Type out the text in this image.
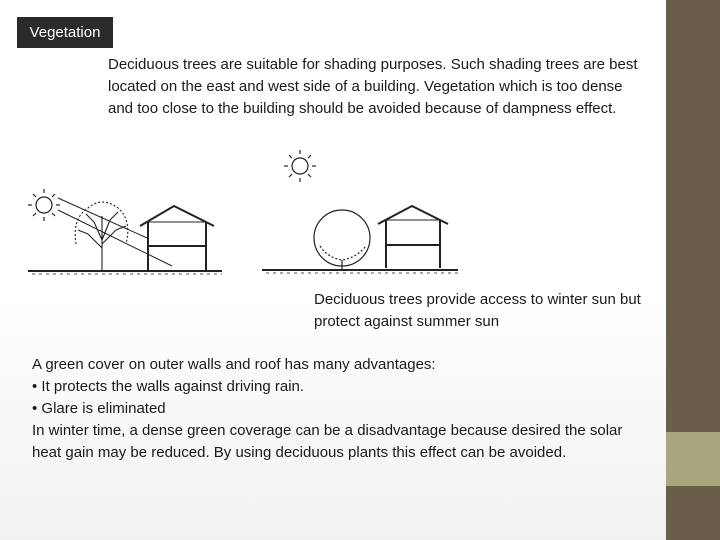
Vegetation

Deciduous trees are suitable for shading purposes. Such shading trees are best located on the east and west side of a building. Vegetation which is too dense and too close to the building should be avoided because of dampness effect.

Deciduous trees provide access to winter sun but protect against summer sun

A green cover on outer walls and roof has many advantages:
• It protects the walls against driving rain.
• Glare is eliminated
In winter time, a dense green coverage can be a disadvantage because desired the solar heat gain may be reduced. By using deciduous plants this effect can be avoided.
